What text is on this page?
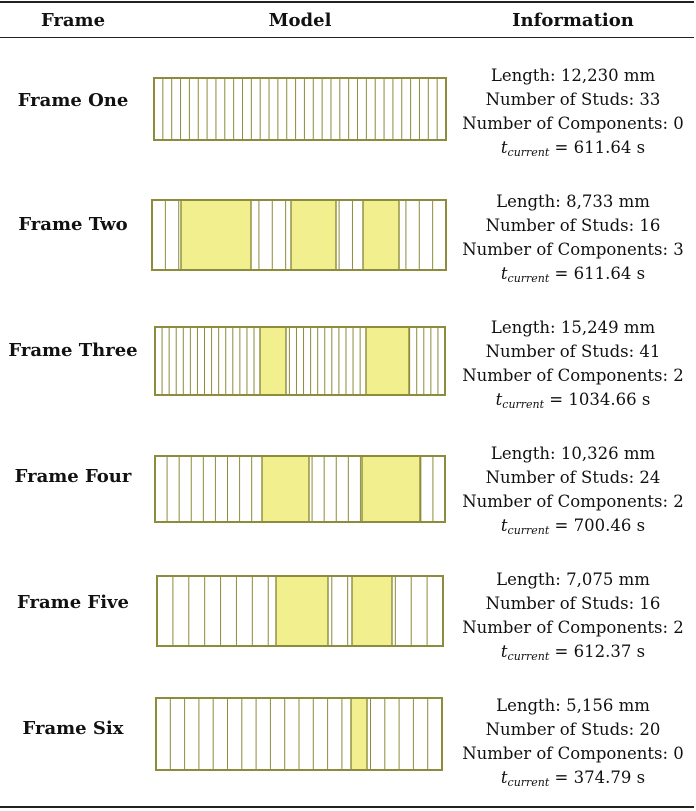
Frame	Model	Information
Frame One
Length: 12,230 mm
Number of Studs: 33
Number of Components: 0
$t_{current} = 611.64$ s
Frame Two
Length: 8,733 mm
Number of Studs: 16
Number of Components: 3
$t_{current} = 611.64$ s
Frame Three
Length: 15,249 mm
Number of Studs: 41
Number of Components: 2
$t_{current} = 1034.66$ s
Frame Four
Length: 10,326 mm
Number of Studs: 24
Number of Components: 2
$t_{current} = 700.46$ s
Frame Five
Length: 7,075 mm
Number of Studs: 16
Number of Components: 2
$t_{current} = 612.37$ s
Frame Six
Length: 5,156 mm
Number of Studs: 20
Number of Components: 0
$t_{current} = 374.79$ s
